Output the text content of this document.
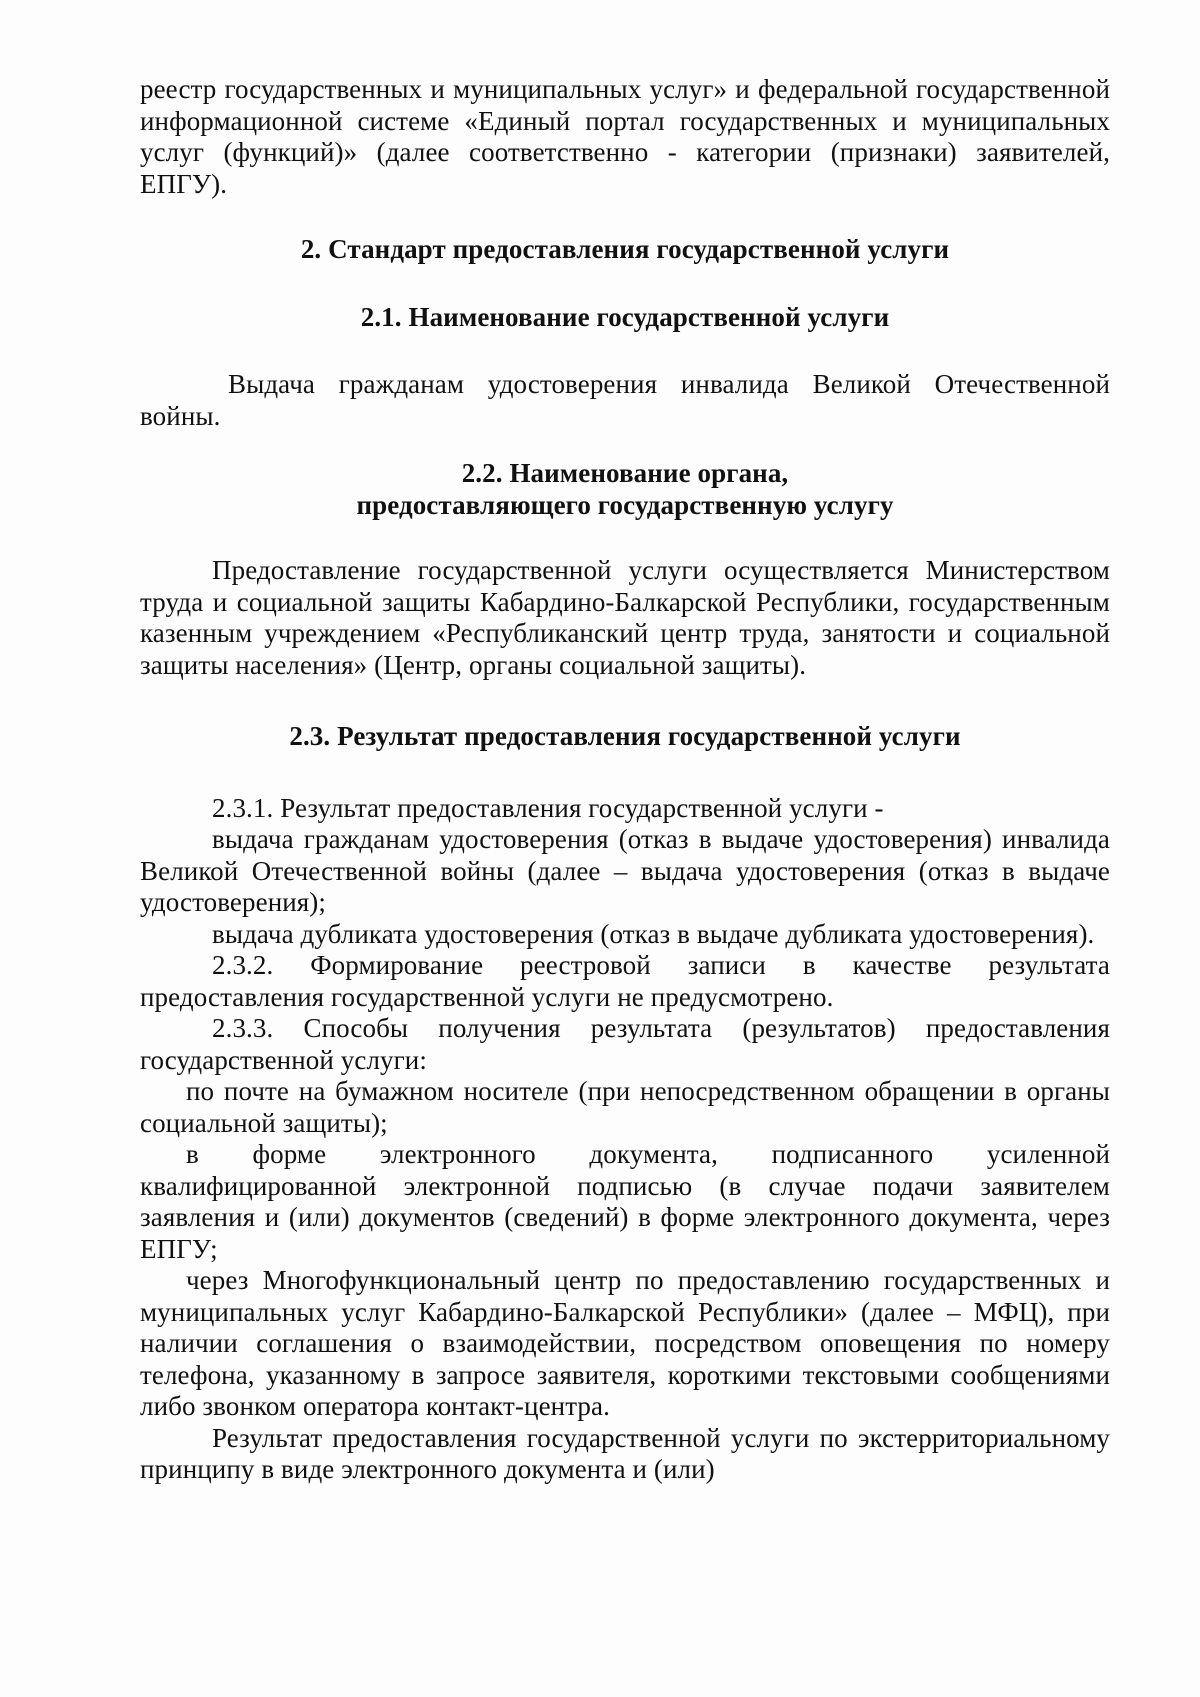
реестр государственных и муниципальных услуг» и федеральной государственной информационной системе «Единый портал государственных и муниципальных услуг (функций)» (далее соответственно - категории (признаки) заявителей, ЕПГУ).

2. Стандарт предоставления государственной услуги

2.1. Наименование государственной услуги

Выдача гражданам удостоверения инвалида Великой Отечественной войны.

2.2. Наименование органа,

предоставляющего государственную услугу

Предоставление государственной услуги осуществляется Министерством труда и социальной защиты Кабардино-Балкарской Республики, государственным казенным учреждением «Республиканский центр труда, занятости и социальной защиты населения» (Центр, органы социальной защиты).

2.3. Результат предоставления государственной услуги

2.3.1. Результат предоставления государственной услуги -

выдача гражданам удостоверения (отказ в выдаче удостоверения) инвалида Великой Отечественной войны (далее – выдача удостоверения (отказ в выдаче удостоверения);

выдача дубликата удостоверения (отказ в выдаче дубликата удостоверения).

2.3.2. Формирование реестровой записи в качестве результата предоставления государственной услуги не предусмотрено.

2.3.3. Способы получения результата (результатов) предоставления государственной услуги:

по почте на бумажном носителе (при непосредственном обращении в органы социальной защиты);

в форме электронного документа, подписанного усиленной квалифицированной электронной подписью (в случае подачи заявителем заявления и (или) документов (сведений) в форме электронного документа, через ЕПГУ;

через Многофункциональный центр по предоставлению государственных и муниципальных услуг Кабардино-Балкарской Республики» (далее – МФЦ), при наличии соглашения о взаимодействии, посредством оповещения по номеру телефона, указанному в запросе заявителя, короткими текстовыми сообщениями либо звонком оператора контакт-центра.

Результат предоставления государственной услуги по экстерриториальному принципу в виде электронного документа и (или)
